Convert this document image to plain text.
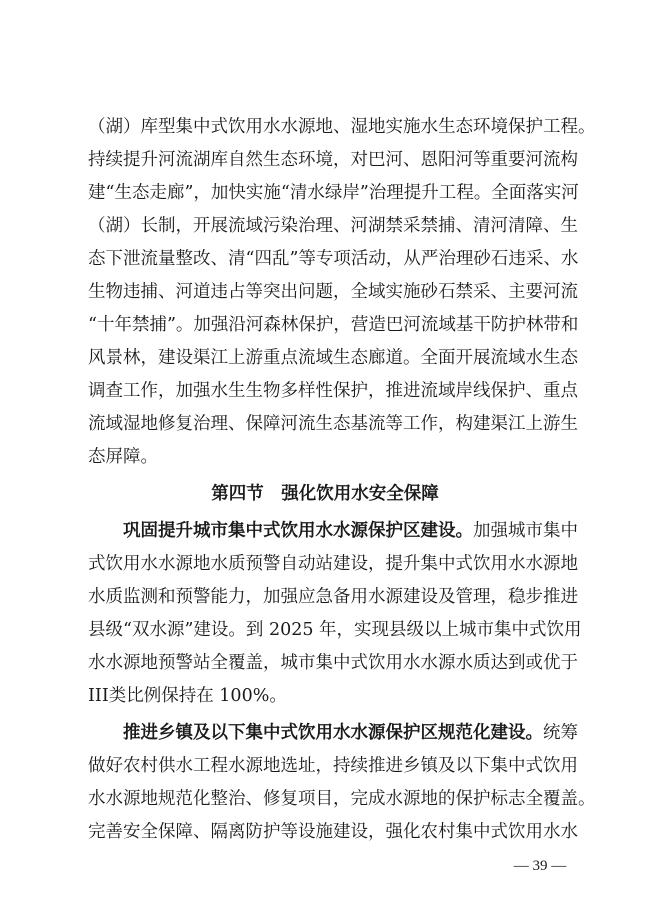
（湖）库型集中式饮用水水源地、湿地实施水生态环境保护工程。
持续提升河流湖库自然生态环境，对巴河、恩阳河等重要河流构
建“生态走廊”，加快实施“清水绿岸”治理提升工程。全面落实河
（湖）长制，开展流域污染治理、河湖禁采禁捕、清河清障、生
态下泄流量整改、清“四乱”等专项活动，从严治理砂石违采、水
生物违捕、河道违占等突出问题，全域实施砂石禁采、主要河流
“十年禁捕”。加强沿河森林保护，营造巴河流域基干防护林带和
风景林，建设渠江上游重点流域生态廊道。全面开展流域水生态
调查工作，加强水生生物多样性保护，推进流域岸线保护、重点
流域湿地修复治理、保障河流生态基流等工作，构建渠江上游生
态屏障。
第四节　强化饮用水安全保障
巩固提升城市集中式饮用水水源保护区建设。加强城市集中
式饮用水水源地水质预警自动站建设，提升集中式饮用水水源地
水质监测和预警能力，加强应急备用水源建设及管理，稳步推进
县级“双水源”建设。到 2025 年，实现县级以上城市集中式饮用
水水源地预警站全覆盖，城市集中式饮用水水源水质达到或优于
III类比例保持在 100%。
推进乡镇及以下集中式饮用水水源保护区规范化建设。统筹
做好农村供水工程水源地选址，持续推进乡镇及以下集中式饮用
水水源地规范化整治、修复项目，完成水源地的保护标志全覆盖。
完善安全保障、隔离防护等设施建设，强化农村集中式饮用水水
— 39 —
